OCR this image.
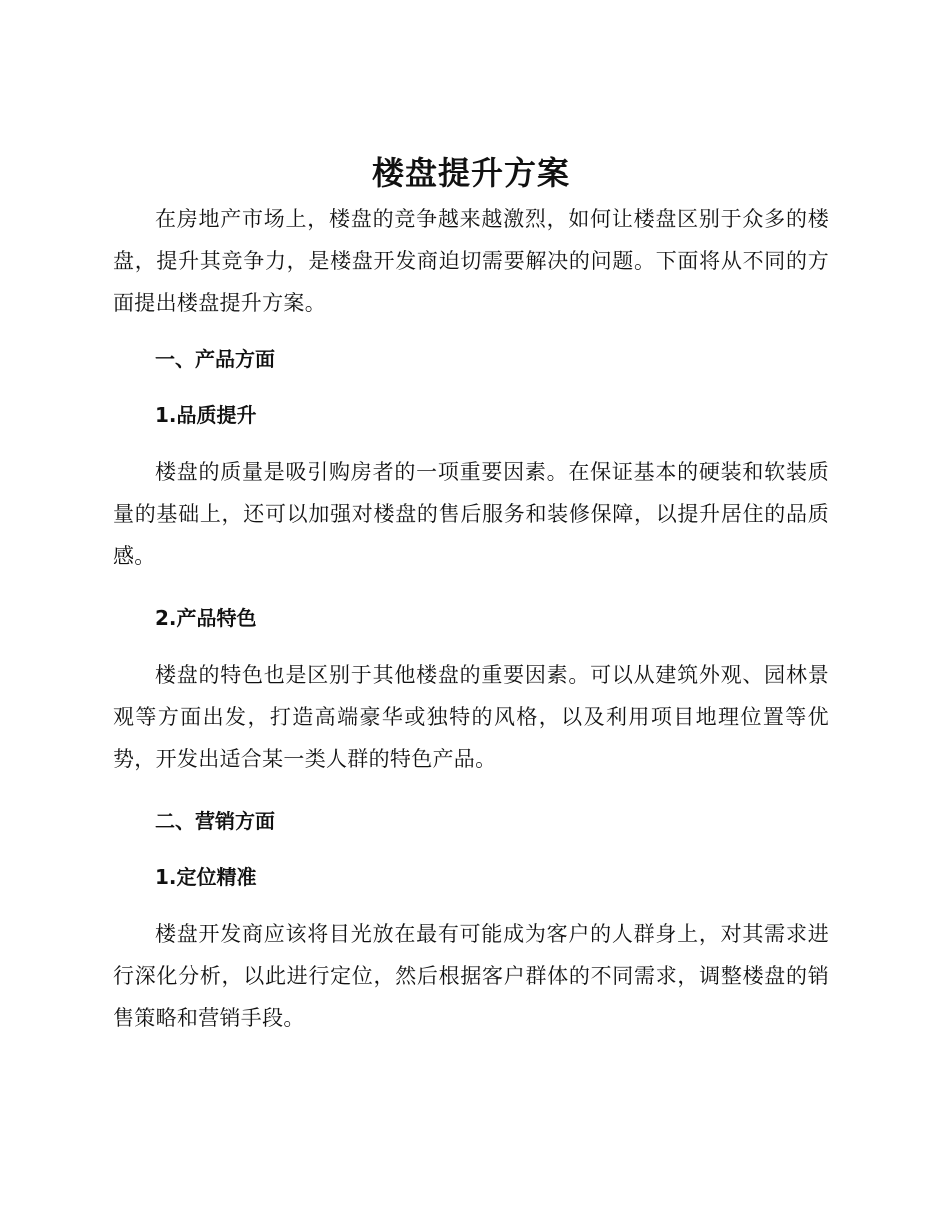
楼盘提升方案

在房地产市场上，楼盘的竞争越来越激烈，如何让楼盘区别于众多的楼盘，提升其竞争力，是楼盘开发商迫切需要解决的问题。下面将从不同的方面提出楼盘提升方案。

一、产品方面
1.品质提升

楼盘的质量是吸引购房者的一项重要因素。在保证基本的硬装和软装质量的基础上，还可以加强对楼盘的售后服务和装修保障，以提升居住的品质感。

2.产品特色

楼盘的特色也是区别于其他楼盘的重要因素。可以从建筑外观、园林景观等方面出发，打造高端豪华或独特的风格，以及利用项目地理位置等优势，开发出适合某一类人群的特色产品。

二、营销方面
1.定位精准

楼盘开发商应该将目光放在最有可能成为客户的人群身上，对其需求进行深化分析，以此进行定位，然后根据客户群体的不同需求，调整楼盘的销售策略和营销手段。
